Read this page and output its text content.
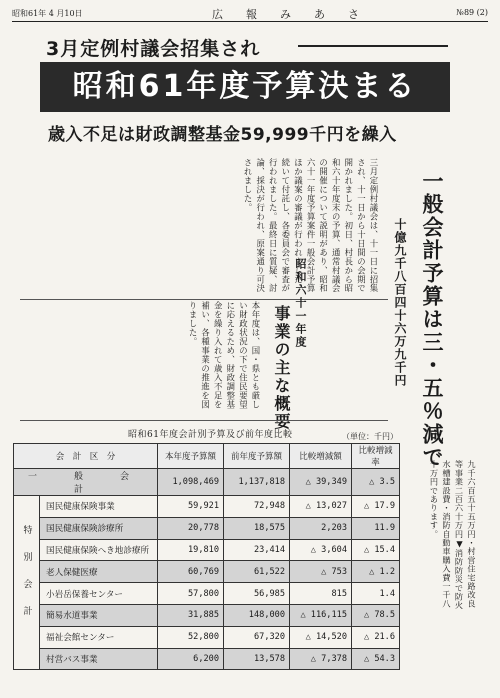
昭和61年 4 月10日	広　報　み　あ　さ	№89 (2)
3月定例村議会招集され
昭和61年度予算決まる
歳入不足は財政調整基金59,999千円を繰入
一般会計予算は三・五％減で
十億九千八百四十六万九千円
三月定例村議会は、十一日に招集され、十一日から十日間の会期で開かれました。初日、村長から昭和六十年度末の予算、通常村議会の開催について説明があり、昭和六十一年度予算案件一般会計予算ほか議案の審議が行われました。続いて付託し、各委員会で審査が行われました。最終日に質疑、討論、採決が行われ、原案通り可決されました。
本年度は、国・県とも厳しい財政状況の下で住民要望に応えるため、財政調整基金を繰り入れて歳入不足を補い、各種事業の推進を図りました。	昭和六十一年度
事業の主な概要
昭和61年度会計別予算及び前年度比較	（単位：千円）
会　計　区　分		本年度予算額	前年度予算額	比較増減額	比較増減率
一　般　会　計		1,098,469	1,137,818	△ 39,349	△ 3.5
特別会計	国民健康保険事業	59,921	72,948	△ 13,027	△ 17.9
	国民健康保険診療所	20,778	18,575	2,203	11.9
	国民健康保険へき地診療所	19,810	23,414	△ 3,604	△ 15.4
	老人保健医療	60,769	61,522	△ 753	△ 1.2
	小岩岳保養センター	57,800	56,985	815	1.4
	簡易水道事業	31,885	148,000	△ 116,115	△ 78.5
	福祉会館センター	52,800	67,320	△ 14,520	△ 21.6
	村営バス事業	6,200	13,578	△ 7,378	△ 54.3
九千六百五十五万円・村営住宅路改良等事業二百六十万円▼消防防災で防火水槽建設費・消防自動車購入費一千八十万円であります。
